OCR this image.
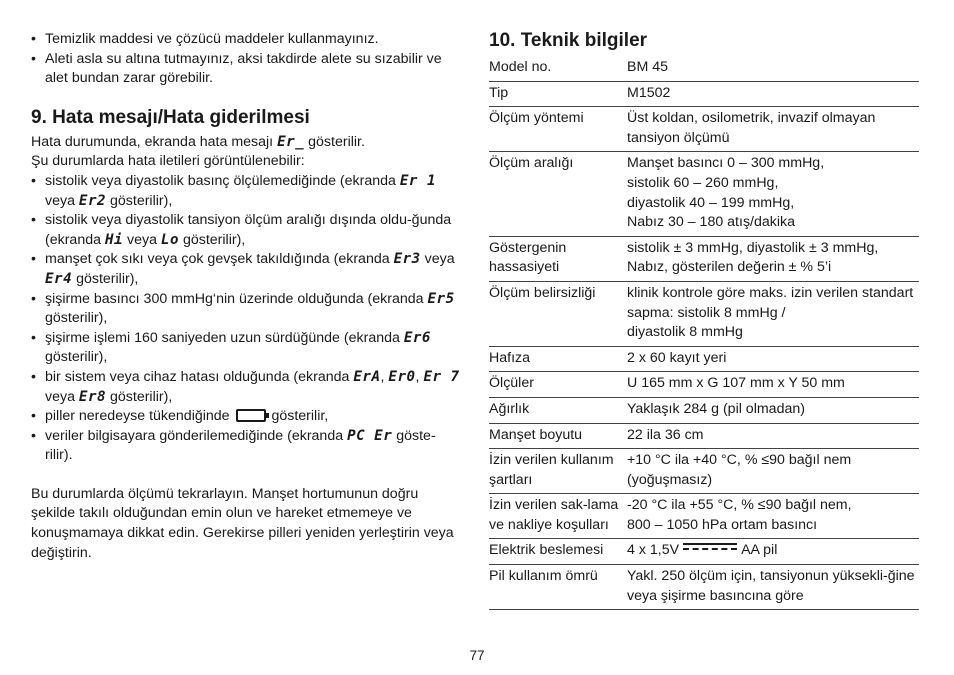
• Temizlik maddesi ve çözücü maddeler kullanmayınız.
• Aleti asla su altına tutmayınız, aksi takdirde alete su sızabilir ve alet bundan zarar görebilir.
9. Hata mesajı/Hata giderilmesi
Hata durumunda, ekranda hata mesajı Er_ gösterilir.
Şu durumlarda hata iletileri görüntülenebilir:
• sistolik veya diyastolik basınç ölçülemediğinde (ekranda Er 1 veya Er2 gösterilir),
• sistolik veya diyastolik tansiyon ölçüm aralığı dışında oldu-ğunda (ekranda Hi veya Lo gösterilir),
• manşet çok sıkı veya çok gevşek takıldığında (ekranda Er3 veya Er4 gösterilir),
• şişirme basıncı 300 mmHg‘nin üzerinde olduğunda (ekranda Er5 gösterilir),
• şişirme işlemi 160 saniyeden uzun sürdüğünde (ekranda Er6 gösterilir),
• bir sistem veya cihaz hatası olduğunda (ekranda ErA, Er0, Er 7 veya Er8 gösterilir),
• piller neredeyse tükendiğinde	gösterilir,
• veriler bilgisayara gönderilemediğinde (ekranda PC Er göste-rilir).
Bu durumlarda ölçümü tekrarlayın. Manşet hortumunun doğru şekilde takılı olduğundan emin olun ve hareket etmemeye ve konuşmamaya dikkat edin. Gerekirse pilleri yeniden yerleştirin veya değiştirin.
10. Teknik bilgiler
Model no.	BM 45
Tip	M1502
Ölçüm yöntemi	Üst koldan, osilometrik, invazif olmayan tansiyon ölçümü
Ölçüm aralığı	Manşet basıncı 0 – 300 mmHg,
sistolik 60 – 260 mmHg,
diyastolik 40 – 199 mmHg,
Nabız 30 – 180 atış/dakika
Göstergenin hassasiyeti	sistolik ± 3 mmHg, diyastolik ± 3 mmHg, Nabız, gösterilen değerin ± % 5’i
Ölçüm belirsizliği	klinik kontrole göre maks. izin verilen standart sapma: sistolik 8 mmHg /
diyastolik 8 mmHg
Hafıza	2 x 60 kayıt yeri
Ölçüler	U 165 mm x G 107 mm x Y 50 mm
Ağırlık	Yaklaşık 284 g (pil olmadan)
Manşet boyutu	22 ila 36 cm
İzin verilen kullanım şartları	+10 °C ila +40 °C, % ≤90 bağıl nem (yoğuşmasız)
İzin verilen sak-lama ve nakliye koşulları	-20 °C ila +55 °C, % ≤90 bağıl nem,
800 – 1050 hPa ortam basıncı
Elektrik beslemesi	4 x 1,5V AA pil
Pil kullanım ömrü	Yakl. 250 ölçüm için, tansiyonun yüksekli-ğine veya şişirme basıncına göre
77
